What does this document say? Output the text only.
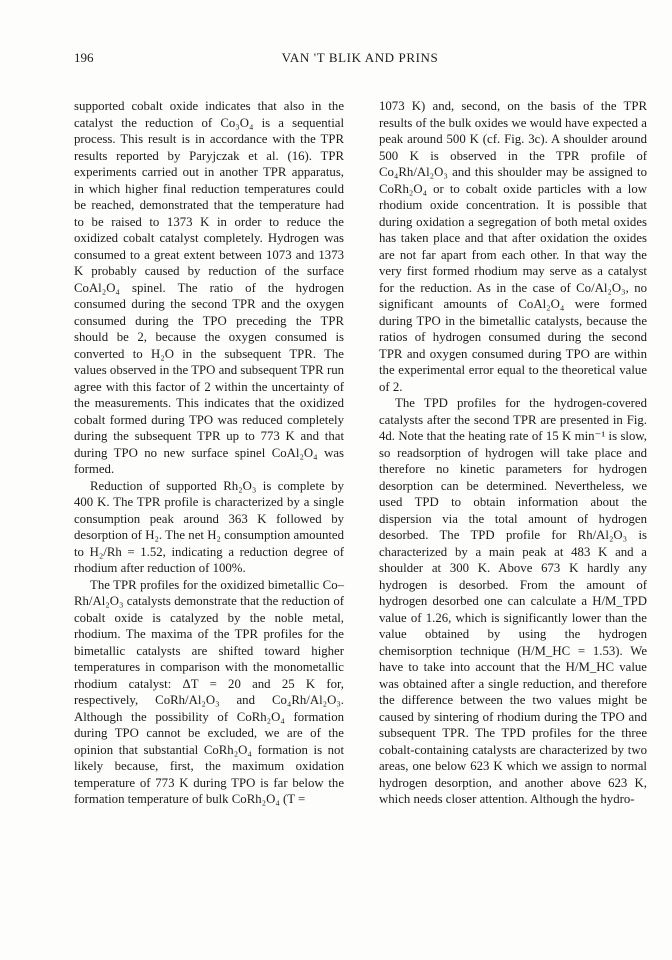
196	VAN 'T BLIK AND PRINS

supported cobalt oxide indicates that also in the catalyst the reduction of Co₃O₄ is a sequential process. This result is in accordance with the TPR results reported by Paryjczak et al. (16). TPR experiments carried out in another TPR apparatus, in which higher final reduction temperatures could be reached, demonstrated that the temperature had to be raised to 1373 K in order to reduce the oxidized cobalt catalyst completely. Hydrogen was consumed to a great extent between 1073 and 1373 K probably caused by reduction of the surface CoAl₂O₄ spinel. The ratio of the hydrogen consumed during the second TPR and the oxygen consumed during the TPO preceding the TPR should be 2, because the oxygen consumed is converted to H₂O in the subsequent TPR. The values observed in the TPO and subsequent TPR run agree with this factor of 2 within the uncertainty of the measurements. This indicates that the oxidized cobalt formed during TPO was reduced completely during the subsequent TPR up to 773 K and that during TPO no new surface spinel CoAl₂O₄ was formed.

Reduction of supported Rh₂O₃ is complete by 400 K. The TPR profile is characterized by a single consumption peak around 363 K followed by desorption of H₂. The net H₂ consumption amounted to H₂/Rh = 1.52, indicating a reduction degree of rhodium after reduction of 100%.

The TPR profiles for the oxidized bimetallic Co–Rh/Al₂O₃ catalysts demonstrate that the reduction of cobalt oxide is catalyzed by the noble metal, rhodium. The maxima of the TPR profiles for the bimetallic catalysts are shifted toward higher temperatures in comparison with the monometallic rhodium catalyst: ΔT = 20 and 25 K for, respectively, CoRh/Al₂O₃ and Co₄Rh/Al₂O₃. Although the possibility of CoRh₂O₄ formation during TPO cannot be excluded, we are of the opinion that substantial CoRh₂O₄ formation is not likely because, first, the maximum oxidation temperature of 773 K during TPO is far below the formation temperature of bulk CoRh₂O₄ (T =

1073 K) and, second, on the basis of the TPR results of the bulk oxides we would have expected a peak around 500 K (cf. Fig. 3c). A shoulder around 500 K is observed in the TPR profile of Co₄Rh/Al₂O₃ and this shoulder may be assigned to CoRh₂O₄ or to cobalt oxide particles with a low rhodium oxide concentration. It is possible that during oxidation a segregation of both metal oxides has taken place and that after oxidation the oxides are not far apart from each other. In that way the very first formed rhodium may serve as a catalyst for the reduction. As in the case of Co/Al₂O₃, no significant amounts of CoAl₂O₄ were formed during TPO in the bimetallic catalysts, because the ratios of hydrogen consumed during the second TPR and oxygen consumed during TPO are within the experimental error equal to the theoretical value of 2.

The TPD profiles for the hydrogen-covered catalysts after the second TPR are presented in Fig. 4d. Note that the heating rate of 15 K min⁻¹ is slow, so readsorption of hydrogen will take place and therefore no kinetic parameters for hydrogen desorption can be determined. Nevertheless, we used TPD to obtain information about the dispersion via the total amount of hydrogen desorbed. The TPD profile for Rh/Al₂O₃ is characterized by a main peak at 483 K and a shoulder at 300 K. Above 673 K hardly any hydrogen is desorbed. From the amount of hydrogen desorbed one can calculate a H/M_TPD value of 1.26, which is significantly lower than the value obtained by using the hydrogen chemisorption technique (H/M_HC = 1.53). We have to take into account that the H/M_HC value was obtained after a single reduction, and therefore the difference between the two values might be caused by sintering of rhodium during the TPO and subsequent TPR. The TPD profiles for the three cobalt-containing catalysts are characterized by two areas, one below 623 K which we assign to normal hydrogen desorption, and another above 623 K, which needs closer attention. Although the hydro-
